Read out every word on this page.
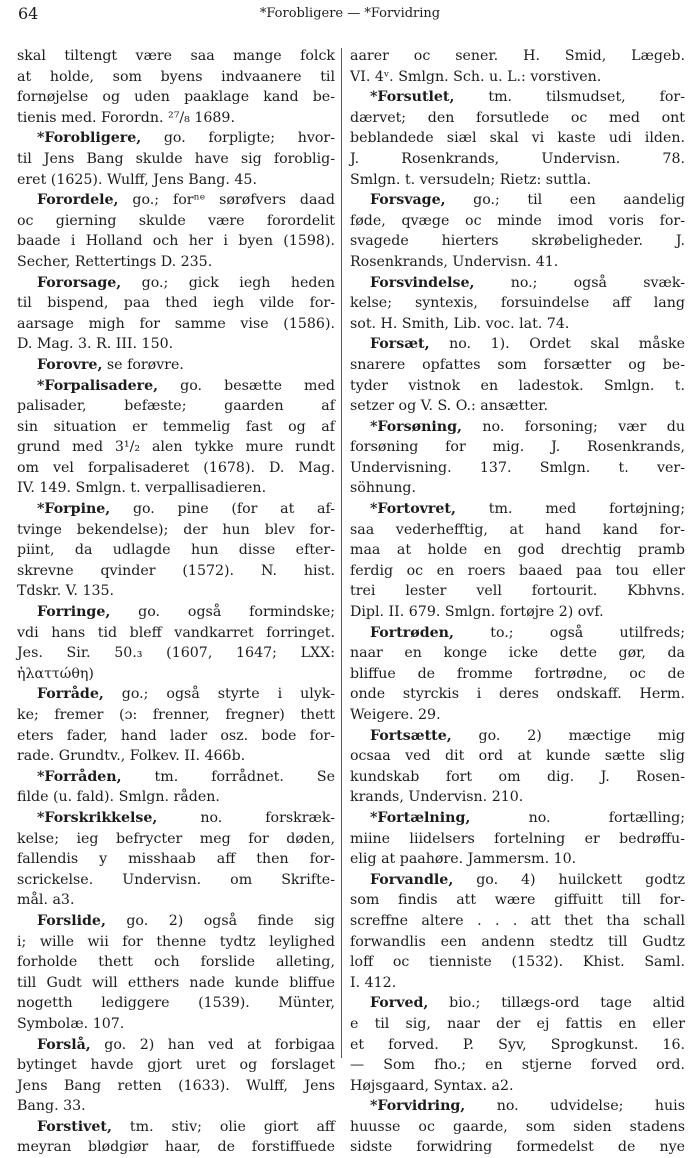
64	*Forobligere — *Forvidring
skal tiltengt være saa mange folck
at holde, som byens indvaanere til
fornøjelse og uden paaklage kand be-
tienis med. Forordn. ²⁷/₈ 1689.
*Forobligere, go. forpligte; hvor-
til Jens Bang skulde have sig foroblig-
eret (1625). Wulff, Jens Bang. 45.
Forordele, go.; forⁿᵉ sørøfvers daad
oc gierning skulde være forordelit
baade i Holland och her i byen (1598).
Secher, Rettertings D. 235.
Fororsage, go.; gick iegh heden
til bispend, paa thed iegh vilde for-
aarsage migh for samme vise (1586).
D. Mag. 3. R. III. 150.
Forovre, se forøvre.
*Forpalisadere, go. besætte med
palisader, befæste; gaarden af
sin situation er temmelig fast og af
grund med 3¹/₂ alen tykke mure rundt
om vel forpalisaderet (1678). D. Mag.
IV. 149. Smlgn. t. verpallisadieren.
*Forpine, go. pine (for at af-
tvinge bekendelse); der hun blev for-
piint, da udlagde hun disse efter-
skrevne qvinder (1572). N. hist.
Tdskr. V. 135.
Forringe, go. også formindske;
vdi hans tid bleff vandkarret forringet.
Jes. Sir. 50.₃ (1607, 1647; LXX:
ἠλαττώθη)
Forråde, go.; også styrte i ulyk-
ke; fremer (ɔ: frenner, fregner) thett
eters fader, hand lader osz. bode for-
rade. Grundtv., Folkev. II. 466b.
*Forråden, tm. forrådnet. Se
filde (u. fald). Smlgn. råden.
*Forskrikkelse, no. forskræk-
kelse; ieg befrycter meg for døden,
fallendis y misshaab aff then for-
scrickelse. Undervisn. om Skrifte-
mål. a3.
Forslide, go. 2) også finde sig
i; wille wii for thenne tydtz leylighed
forholde thett och forslide alleting,
till Gudt will etthers nade kunde bliffue
nogetth lediggere (1539). Münter,
Symbolæ. 107.
Forslå, go. 2) han ved at forbigaa
bytinget havde gjort uret og forslaget
Jens Bang retten (1633). Wulff, Jens
Bang. 33.
Forstivet, tm. stiv; olie giort aff
meyran blødgiør haar, de forstiffuede
aarer oc sener. H. Smid, Lægeb.
VI. 4ᵛ. Smlgn. Sch. u. L.: vorstiven.
*Forsutlet, tm. tilsmudset, for-
dærvet; den forsutlede oc med ont
beblandede siæl skal vi kaste udi ilden.
J. Rosenkrands, Undervisn. 78.
Smlgn. t. versudeln; Rietz: suttla.
Forsvage, go.; til een aandelig
føde, qvæge oc minde imod voris for-
svagede hierters skrøbeligheder. J.
Rosenkrands, Undervisn. 41.
Forsvindelse, no.; også svæk-
kelse; syntexis, forsuindelse aff lang
sot. H. Smith, Lib. voc. lat. 74.
Forsæt, no. 1). Ordet skal måske
snarere opfattes som forsætter og be-
tyder vistnok en ladestok. Smlgn. t.
setzer og V. S. O.: ansætter.
*Forsøning, no. forsoning; vær du
forsøning for mig. J. Rosenkrands,
Undervisning. 137. Smlgn. t. ver-
söhnung.
*Fortovret, tm. med fortøjning;
saa vederhefftig, at hand kand for-
maa at holde en god drechtig pramb
ferdig oc en roers baaed paa tou eller
trei lester vell fortourit. Kbhvns.
Dipl. II. 679. Smlgn. fortøjre 2) ovf.
Fortrøden, to.; også utilfreds;
naar en konge icke dette gør, da
bliffue de fromme fortrødne, oc de
onde styrckis i deres ondskaff. Herm.
Weigere. 29.
Fortsætte, go. 2) mæctige mig
ocsaa ved dit ord at kunde sætte slig
kundskab fort om dig. J. Rosen-
krands, Undervisn. 210.
*Fortælning, no. fortælling;
miine liidelsers fortelning er bedrøffu-
elig at paahøre. Jammersm. 10.
Forvandle, go. 4) huilckett godtz
som findis att wære giffuitt till for-
screffne altere . . . att thet tha schall
forwandlis een andenn stedtz till Gudtz
loff oc tienniste (1532). Khist. Saml.
I. 412.
Forved, bio.; tillægs-ord tage altid
e til sig, naar der ej fattis en eller
et forved. P. Syv, Sprogkunst. 16.
— Som fho.; en stjerne forved ord.
Højsgaard, Syntax. a2.
*Forvidring, no. udvidelse; huis
huusse oc gaarde, som siden stadens
sidste forwidring formedelst de nye
